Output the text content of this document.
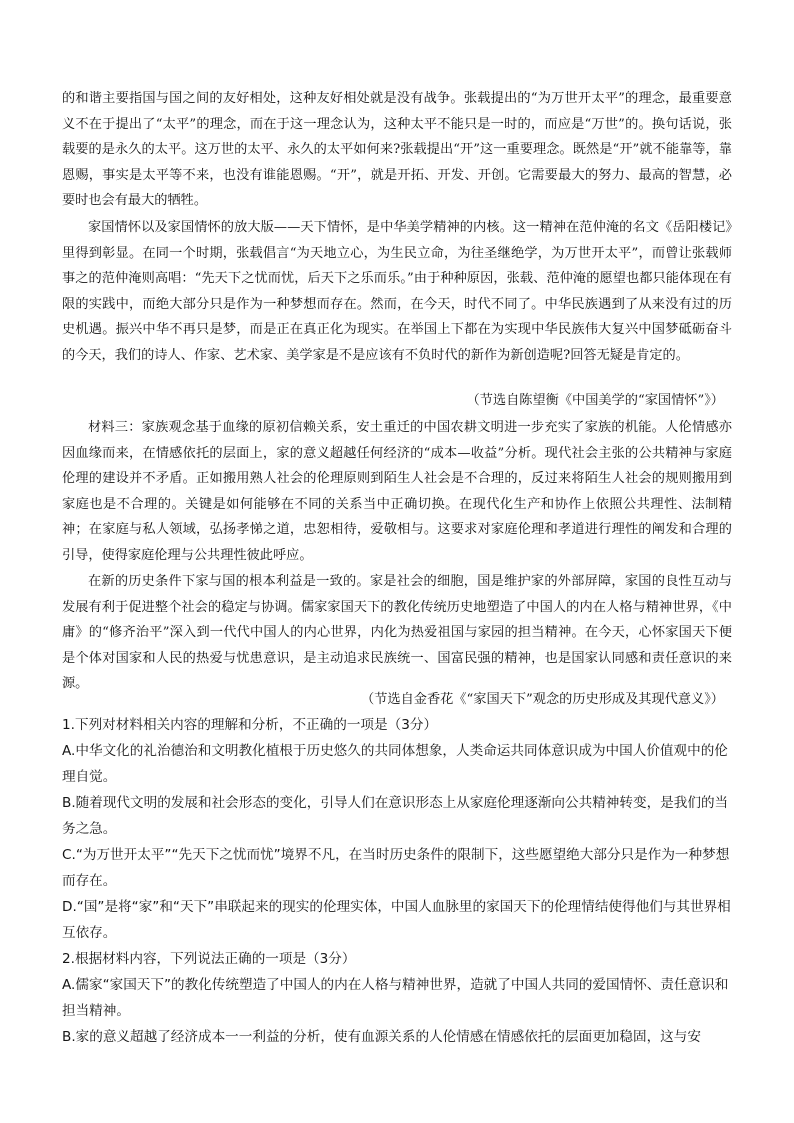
的和谐主要指国与国之间的友好相处，这种友好相处就是没有战争。张载提出的“为万世开太平”的理念，最重要意义不在于提出了“太平”的理念，而在于这一理念认为，这种太平不能只是一时的，而应是“万世”的。换句话说，张载要的是永久的太平。这万世的太平、永久的太平如何来?张载提出“开”这一重要理念。既然是“开”就不能靠等，靠恩赐，事实是太平等不来，也没有谁能恩赐。“开”，就是开拓、开发、开创。它需要最大的努力、最高的智慧，必要时也会有最大的牺牲。

家国情怀以及家国情怀的放大版——天下情怀，是中华美学精神的内核。这一精神在范仲淹的名文《岳阳楼记》里得到彰显。在同一个时期，张载倡言“为天地立心，为生民立命，为往圣继绝学，为万世开太平”，而曾让张载师事之的范仲淹则高唱：“先天下之忧而忧，后天下之乐而乐。”由于种种原因，张载、范仲淹的愿望也都只能体现在有限的实践中，而绝大部分只是作为一种梦想而存在。然而，在今天，时代不同了。中华民族遇到了从来没有过的历史机遇。振兴中华不再只是梦，而是正在真正化为现实。在举国上下都在为实现中华民族伟大复兴中国梦砥砺奋斗的今天，我们的诗人、作家、艺术家、美学家是不是应该有不负时代的新作为新创造呢?回答无疑是肯定的。

（节选自陈望衡《中国美学的“家国情怀”》）

材料三：家族观念基于血缘的原初信赖关系，安土重迁的中国农耕文明进一步充实了家族的机能。人伦情感亦因血缘而来，在情感依托的层面上，家的意义超越任何经济的“成本—收益”分析。现代社会主张的公共精神与家庭伦理的建设并不矛盾。正如搬用熟人社会的伦理原则到陌生人社会是不合理的，反过来将陌生人社会的规则搬用到家庭也是不合理的。关键是如何能够在不同的关系当中正确切换。在现代化生产和协作上依照公共理性、法制精神；在家庭与私人领域，弘扬孝悌之道，忠恕相待，爱敬相与。这要求对家庭伦理和孝道进行理性的阐发和合理的引导，使得家庭伦理与公共理性彼此呼应。

在新的历史条件下家与国的根本利益是一致的。家是社会的细胞，国是维护家的外部屏障，家国的良性互动与发展有利于促进整个社会的稳定与协调。儒家家国天下的教化传统历史地塑造了中国人的内在人格与精神世界，《中庸》的“修齐治平”深入到一代代中国人的内心世界，内化为热爱祖国与家园的担当精神。在今天，心怀家国天下便是个体对国家和人民的热爱与忧患意识，是主动追求民族统一、国富民强的精神，也是国家认同感和责任意识的来源。

（节选自金香花《“家国天下”观念的历史形成及其现代意义》）

1.下列对材料相关内容的理解和分析，不正确的一项是（3分）

A.中华文化的礼治德治和文明教化植根于历史悠久的共同体想象，人类命运共同体意识成为中国人价值观中的伦理自觉。

B.随着现代文明的发展和社会形态的变化，引导人们在意识形态上从家庭伦理逐渐向公共精神转变，是我们的当务之急。

C.“为万世开太平”“先天下之忧而忧”境界不凡，在当时历史条件的限制下，这些愿望绝大部分只是作为一种梦想而存在。

D.“国”是将“家”和“天下”串联起来的现实的伦理实体，中国人血脉里的家国天下的伦理情结使得他们与其世界相互依存。

2.根据材料内容，下列说法正确的一项是（3分）

A.儒家“家国天下”的教化传统塑造了中国人的内在人格与精神世界，造就了中国人共同的爱国情怀、责任意识和担当精神。

B.家的意义超越了经济成本一一利益的分析，使有血源关系的人伦情感在情感依托的层面更加稳固，这与安
